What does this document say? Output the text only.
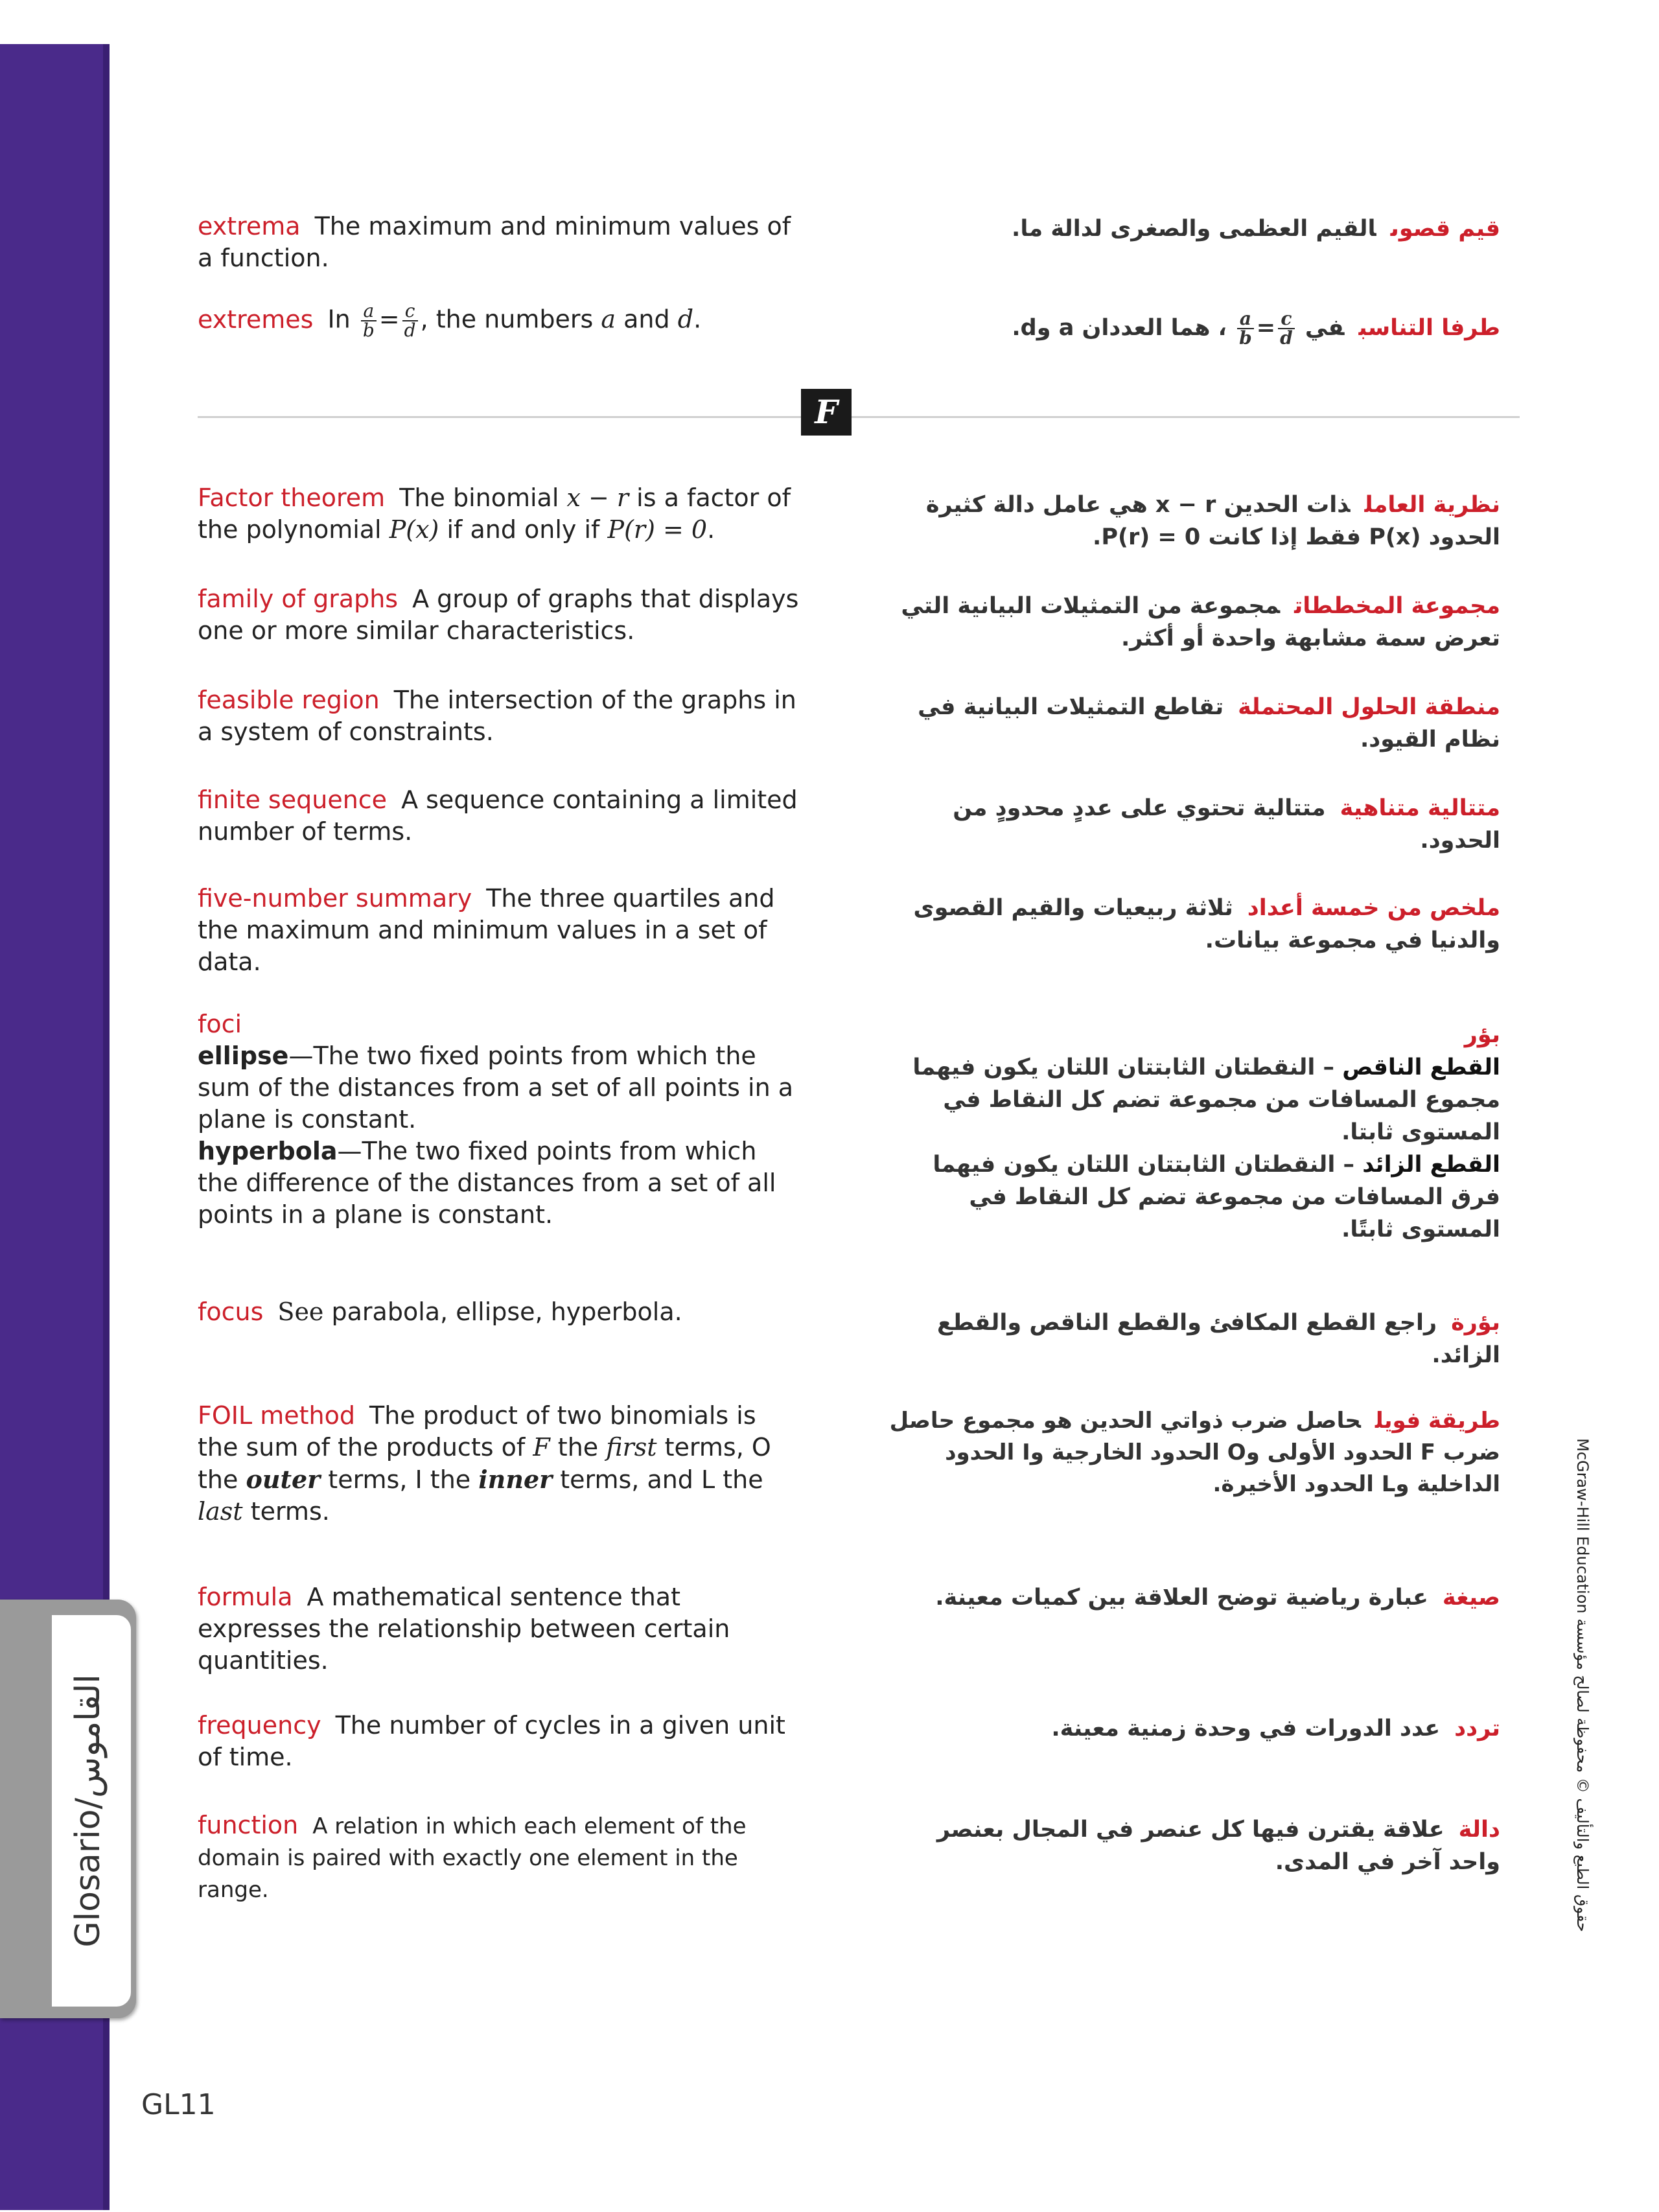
Glosario/القاموس
GL11
حقوق الطبع والتأليف © محفوظة لصالح مؤسسة McGraw-Hill Education
extrema The maximum and minimum values of a function.
قيم قصوىالقيم العظمى والصغرى لدالة ما.
extremes In $\frac{a}{b} = \frac{c}{d}$ , the numbers a and d.	طرفا التناسبفي
$\frac{c}{d}$
=
$\frac{a}{b}$
، هما العددان a وd.
F
Factor theorem The binomial x − r is a factor of the polynomial P(x) if and only if P(r) = 0.
نظرية العاملذات الحدين x − r هي عامل دالة كثيرة الحدود P(x) فقط إذا كانت P(r) = 0.
family of graphs A group of graphs that displays one or more similar characteristics.
مجموعة المخططاتمجموعة من التمثيلات البيانية التي تعرض سمة مشابهة واحدة أو أكثر.
feasible region The intersection of the graphs in a system of constraints.
منطقة الحلول المحتملةتقاطع التمثيلات البيانية في نظام القيود.
finite sequence A sequence containing a limited number of terms.
متتالية متناهيةمتتالية تحتوي على عددٍ محدودٍ من الحدود.
five-number summary The three quartiles and the maximum and minimum values in a set of data.
ملخص من خمسة أعدادثلاثة ربيعيات والقيم القصوى والدنيا في مجموعة بيانات.
foci
ellipse—The two fixed points from which the sum of the distances from a set of all points in a plane is constant.
hyperbola—The two fixed points from which the difference of the distances from a set of all points in a plane is constant.
بؤر
القطع الناقص – النقطتان الثابتتان اللتان يكون فيهما مجموع المسافات من مجموعة تضم كل النقاط في المستوى ثابتا.
القطع الزائد – النقطتان الثابتتان اللتان يكون فيهما فرق المسافات من مجموعة تضم كل النقاط في المستوى ثابتًا.
focus See parabola, ellipse, hyperbola.	بؤرةراجع القطع المكافئ والقطع الناقص والقطع الزائد.
FOIL method The product of two binomials is the sum of the products of F the first terms, O the outer terms, I the inner terms, and L the last terms.
طريقة فويلحاصل ضرب ذواتي الحدين هو مجموع حاصل ضرب F الحدود الأولى وO الحدود الخارجية وI الحدود الداخلية وL الحدود الأخيرة.
formula A mathematical sentence that expresses the relationship between certain quantities.
صيغةعبارة رياضية توضح العلاقة بين كميات معينة.
frequency The number of cycles in a given unit of time.
ترددعدد الدورات في وحدة زمنية معينة.
function A relation in which each element of the domain is paired with exactly one element in the range.
دالةعلاقة يقترن فيها كل عنصر في المجال بعنصر واحد آخر في المدى.
